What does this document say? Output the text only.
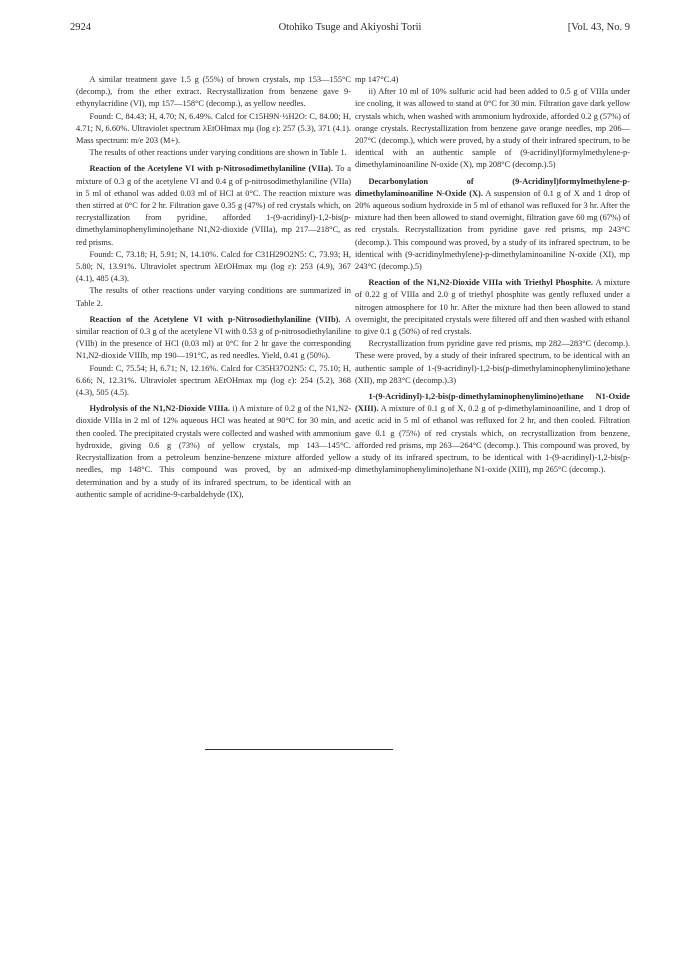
2924	Otohiko Tsuge and Akiyoshi Torii	[Vol. 43, No. 9

A similar treatment gave 1.5 g (55%) of brown crystals, mp 153—155°C (decomp.), from the ether extract. Recrystallization from benzene gave 9-ethynylacridine (VI), mp 157—158°C (decomp.), as yellow needles.

Found: C, 84.43; H, 4.70; N, 6.49%. Calcd for C15H9N·½H2O: C, 84.00; H, 4.71; N, 6.60%. Ultraviolet spectrum λEtOHmax mμ (log ε): 257 (5.3), 371 (4.1). Mass spectrum: m/e 203 (M+).

The results of other reactions under varying conditions are shown in Table 1.

Reaction of the Acetylene VI with p-Nitrosodimethylaniline (VIIa). To a mixture of 0.3 g of the acetylene VI and 0.4 g of p-nitrosodimethylaniline (VIIa) in 5 ml of ethanol was added 0.03 ml of HCl at 0°C. The reaction mixture was then stirred at 0°C for 2 hr. Filtration gave 0.35 g (47%) of red crystals which, on recrystallization from pyridine, afforded 1-(9-acridinyl)-1,2-bis(p-dimethylaminophenylimino)ethane N1,N2-dioxide (VIIIa), mp 217—218°C, as red prisms.

Found: C, 73.18; H, 5.91; N, 14.10%. Calcd for C31H29O2N5: C, 73.93; H, 5.80; N, 13.91%. Ultraviolet spectrum λEtOHmax mμ (log ε): 253 (4.9), 367 (4.1), 485 (4.3).

The results of other reactions under varying conditions are summarized in Table 2.

Reaction of the Acetylene VI with p-Nitrosodiethylaniline (VIIb). A similar reaction of 0.3 g of the acetylene VI with 0.53 g of p-nitrosodiethylaniline (VIIb) in the presence of HCl (0.03 ml) at 0°C for 2 hr gave the corresponding N1,N2-dioxide VIIIb, mp 190—191°C, as red needles. Yield, 0.41 g (50%).

Found: C, 75.54; H, 6.71; N, 12.16%. Calcd for C35H37O2N5: C, 75.10; H, 6.66; N, 12.31%. Ultraviolet spectrum λEtOHmax mμ (log ε): 254 (5.2), 368 (4.3), 505 (4.5).

Hydrolysis of the N1,N2-Dioxide VIIIa. i) A mixture of 0.2 g of the N1,N2-dioxide VIIIa in 2 ml of 12% aqueous HCl was heated at 90°C for 30 min, and then cooled. The precipitated crystals were collected and washed with ammonium hydroxide, giving 0.6 g (73%) of yellow crystals, mp 143—145°C. Recrystallization from a petroleum benzine-benzene mixture afforded yellow needles, mp 148°C. This compound was proved, by an admixed-mp determination and by a study of its infrared spectrum, to be identical with an authentic sample of acridine-9-carbaldehyde (IX),

mp 147°C.4)

ii) After 10 ml of 10% sulfuric acid had been added to 0.5 g of VIIIa under ice cooling, it was allowed to stand at 0°C for 30 min. Filtration gave dark yellow crystals which, when washed with ammonium hydroxide, afforded 0.2 g (57%) of orange crystals. Recrystallization from benzene gave orange needles, mp 206—207°C (decomp.), which were proved, by a study of their infrared spectrum, to be identical with an authentic sample of (9-acridinyl)formylmethylene-p-dimethylaminoaniline N-oxide (X), mp 208°C (decomp.).5)

Decarbonylation of (9-Acridinyl)formylmethylene-p-dimethylaminoaniline N-Oxide (X). A suspension of 0.1 g of X and 1 drop of 20% aqueous sodium hydroxide in 5 ml of ethanol was refluxed for 3 hr. After the mixture had then been allowed to stand overnight, filtration gave 60 mg (67%) of red crystals. Recrystallization from pyridine gave red prisms, mp 243°C (decomp.). This compound was proved, by a study of its infrared spectrum, to be identical with (9-acridinylmethylene)-p-dimethylaminoaniline N-oxide (XI), mp 243°C (decomp.).5)

Reaction of the N1,N2-Dioxide VIIIa with Triethyl Phosphite. A mixture of 0.22 g of VIIIa and 2.0 g of triethyl phosphite was gently refluxed under a nitrogen atmosphere for 10 hr. After the mixture had then been allowed to stand overnight, the precipitated crystals were filtered off and then washed with ethanol to give 0.1 g (50%) of red crystals.

Recrystallization from pyridine gave red prisms, mp 282—283°C (decomp.). These were proved, by a study of their infrared spectrum, to be identical with an authentic sample of 1-(9-acridinyl)-1,2-bis(p-dimethylaminophenylimino)ethane (XII), mp 283°C (decomp.).3)

1-(9-Acridinyl)-1,2-bis(p-dimethylaminophenylimino)ethane N1-Oxide (XIII). A mixture of 0.1 g of X, 0.2 g of p-dimethylaminoaniline, and 1 drop of acetic acid in 5 ml of ethanol was refluxed for 2 hr, and then cooled. Filtration gave 0.1 g (75%) of red crystals which, on recrystallization from benzene, afforded red prisms, mp 263—264°C (decomp.). This compound was proved, by a study of its infrared spectrum, to be identical with 1-(9-acridinyl)-1,2-bis(p-dimethylaminophenylimino)ethane N1-oxide (XIII), mp 265°C (decomp.).
